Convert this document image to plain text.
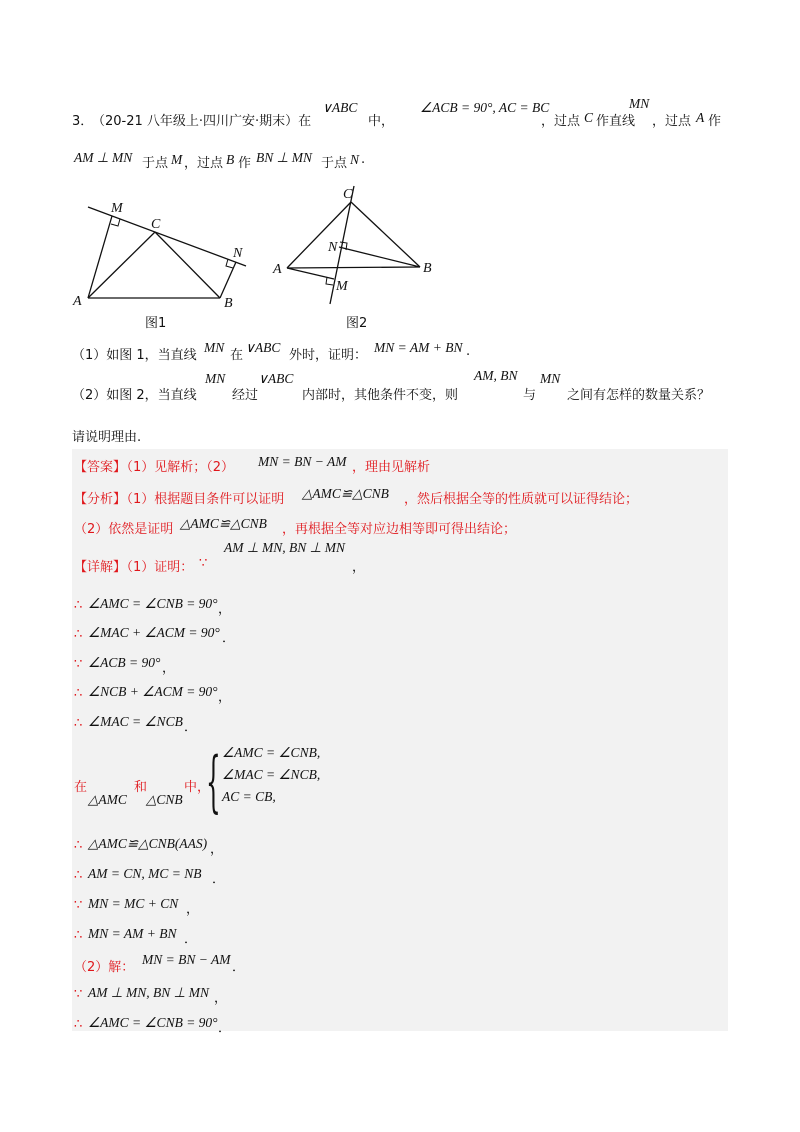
3．
（20-21 八年级上·四川广安·期末）在
∨ABC
中，
∠ACB = 90°, AC = BC
，过点 C 作直线
MN
，过点 A 作
AM ⊥ MN 于点 M ，过点 B 作 BN ⊥ MN 于点 N .
M
C
N
A	B
C
N
A	B
M
图1	图2
（1）如图 1，当直线
MN
在
∨ABC
外时，证明：
MN = AM + BN .
（2）如图 2，当直线
MN
经过
∨ABC
内部时，其他条件不变，则
AM, BN
与
MN
之间有怎样的数量关系？
请说明理由.
【答案】
（1）见解析；（2） MN = BN − AM ，理由见解析
【分析】
（1）根据题目条件可以证明 △AMC≌△CNB ，然后根据全等的性质就可以证得结论；
（2）依然是证明 △AMC≌△CNB ，再根据全等对应边相等即可得出结论；
【详解】
（1）证明： ∵
AM ⊥ MN, BN ⊥ MN
，
∴ ∠AMC = ∠CNB = 90° ，
∴ ∠MAC + ∠ACM = 90° ．
∵ ∠ACB = 90° ，
∴ ∠NCB + ∠ACM = 90° ，
∴ ∠MAC = ∠NCB ．
在	和	中，
△AMC △CNB { ∠AMC = ∠CNB,
∠MAC = ∠NCB,
AC = CB,
∴ △AMC≌△CNB(AAS) ，
∴ AM = CN, MC = NB ．
∵ MN = MC + CN ，
∴ MN = AM + BN ．
（2）解：
MN = BN − AM
．
∵ AM ⊥ MN, BN ⊥ MN ，
∴ ∠AMC = ∠CNB = 90° ．
